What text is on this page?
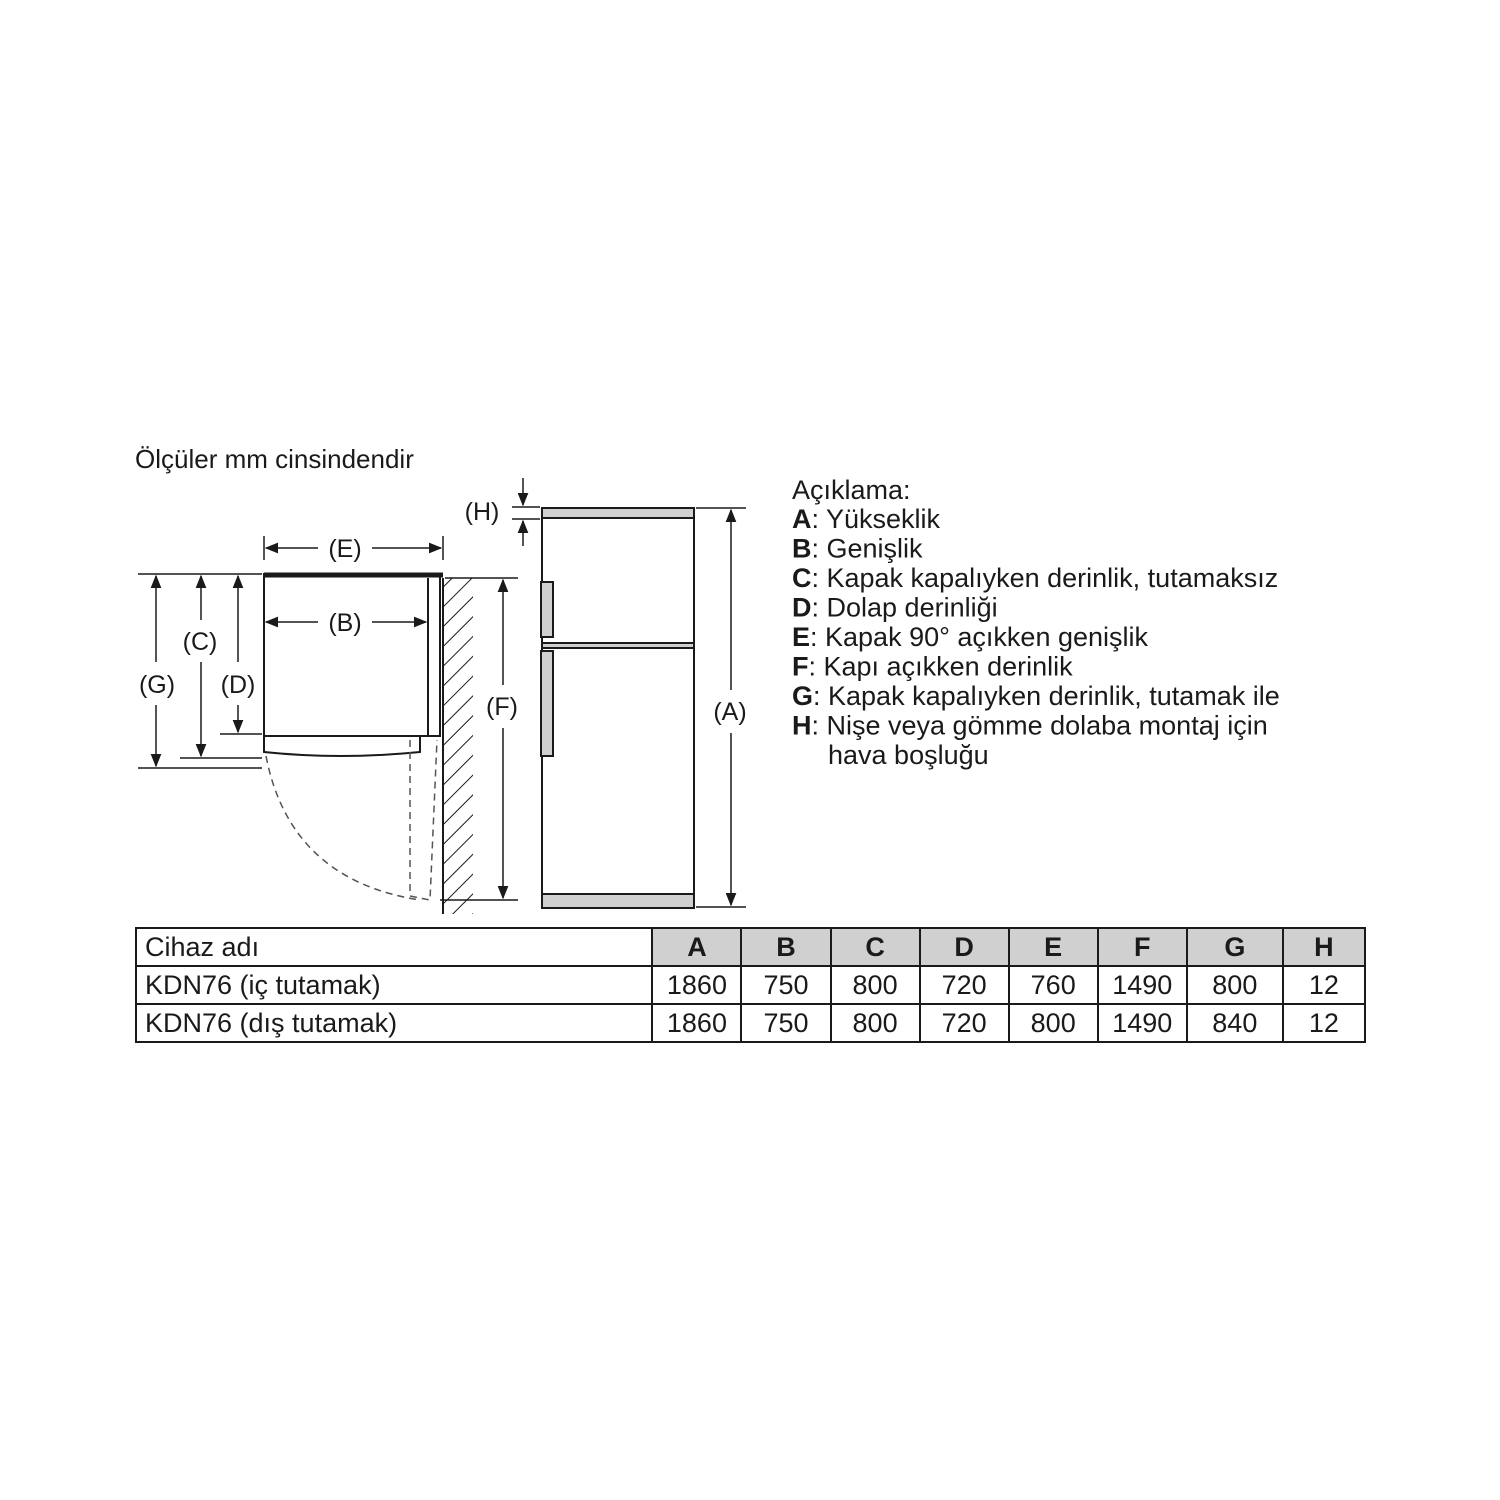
Ölçüler mm cinsindendir
(E)
(B)
(G)
(C)
(D)
(F)
(H)
(A)
Açıklama:
A: Yükseklik
B: Genişlik
C: Kapak kapalıyken derinlik, tutamaksız
D: Dolap derinliği
E: Kapak 90° açıkken genişlik
F: Kapı açıkken derinlik
G: Kapak kapalıyken derinlik, tutamak ile
H: Nişe veya gömme dolaba montaj için
hava boşluğu
Cihaz adı	A	B	C	D	E	F	G	H
KDN76 (iç tutamak)	1860	750	800	720	760	1490	800	12
KDN76 (dış tutamak)	1860	750	800	720	800	1490	840	12
